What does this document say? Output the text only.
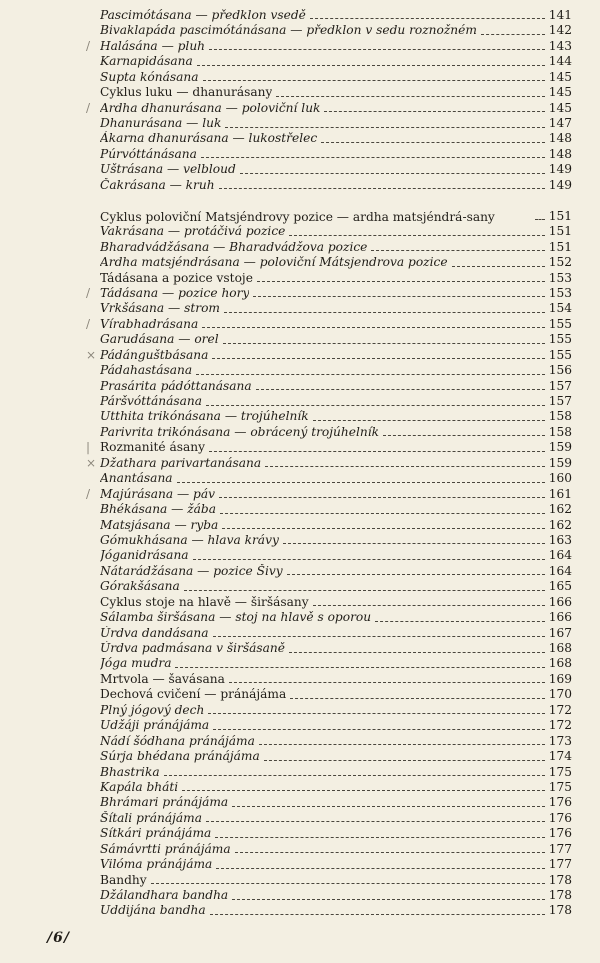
Pascimótásana — předklon vsedě	141
Bivaklapáda pascimótánásana — předklon v sedu roznožném	142
/ Halásána — pluh	143
Karnapidásana	144
Supta kónásana	145
Cyklus luku — dhanurásany	145
/ Ardha dhanurásana — poloviční luk	145
Dhanurásana — luk	147
Ákarna dhanurásana — lukostřelec	148
Púrvóttánásana	148
Uštrásana — velbloud	149
Čakrásana — kruh	149
Cyklus poloviční Matsjéndrovy pozice — ardha matsjéndrá-sany	151
Vakrásana — protáčivá pozice	151
Bharadvádžásana — Bharadvádžova pozice	151
Ardha matsjéndrásana — poloviční Mátsjendrova pozice	152
Tádásana a pozice vstoje	153
/ Tádásana — pozice hory	153
Vrkšásana — strom	154
/ Vírabhadrásana	155
Garudásana — orel	155
× Pádánguštbásana	155
Pádahastásana	156
Prasárita pádóttanásana	157
Páršvóttánásana	157
Utthita trikónásana — trojúhelník	158
Parivrita trikónásana — obrácený trojúhelník	158
| Rozmanité ásany	159
× Džathara parivartanásana	159
Anantásana	160
/ Majúrásana — páv	161
Bhékásana — žába	162
Matsjásana — ryba	162
Gómukhásana — hlava krávy	163
Jóganidrásana	164
Nátarádžásana — pozice Šivy	164
Górakšásana	165
Cyklus stoje na hlavě — širšásany	166
Sálamba širšásana — stoj na hlavě s oporou	166
Úrdva dandásana	167
Úrdva padmásana v širšásaně	168
Jóga mudra	168
Mrtvola — šavásana	169
Dechová cvičení — pránájáma	170
Plný jógový dech	172
Udžáji pránájáma	172
Nádí šódhana pránájáma	173
Súrja bhédana pránájáma	174
Bhastrika	175
Kapála bháti	175
Bhrámari pránájáma	176
Šítali pránájáma	176
Sítkári pránájáma	176
Sámávrtti pránájáma	177
Vilóma pránájáma	177
Bandhy	178
Džálandhara bandha	178
Uddijána bandha	178
/6/
